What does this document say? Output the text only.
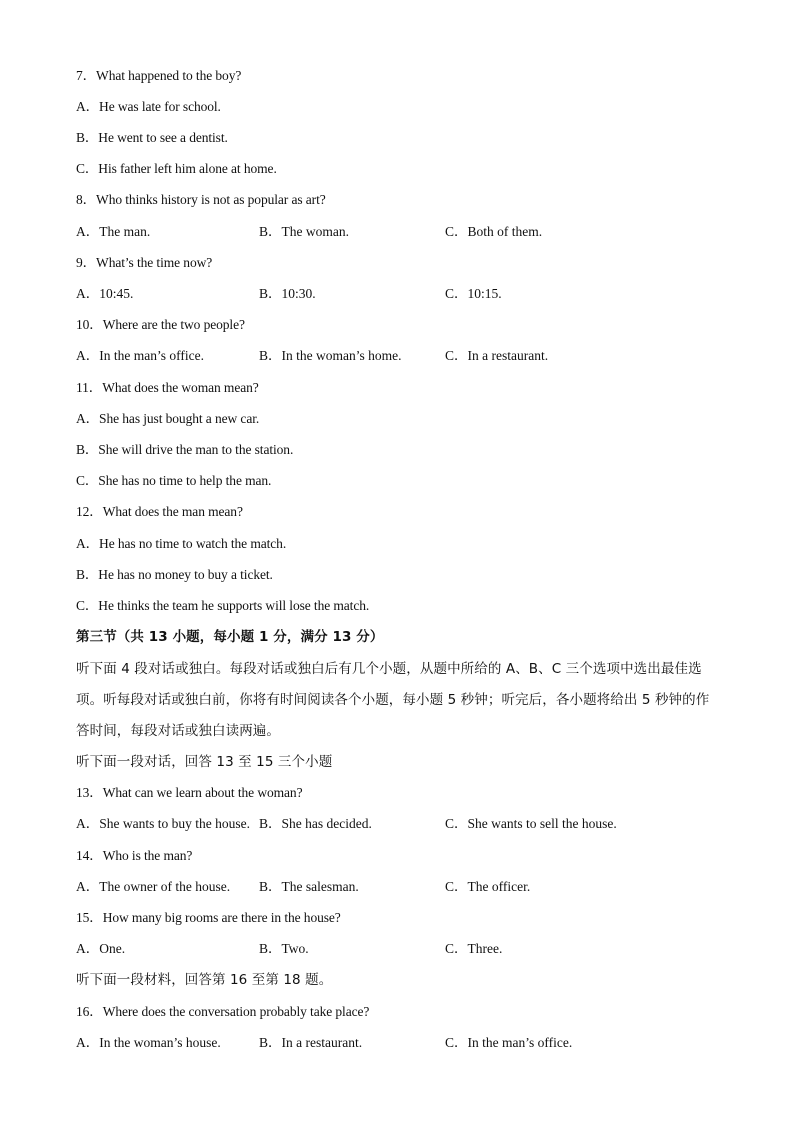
7．What happened to the boy?
A．He was late for school.
B．He went to see a dentist.
C．His father left him alone at home.
8．Who thinks history is not as popular as art?
A．The man.	B．The woman.	C．Both of them.
9．What’s the time now?
A．10:45.	B．10:30.	C．10:15.
10．Where are the two people?
A．In the man’s office.	B．In the woman’s home.	C．In a restaurant.
11．What does the woman mean?
A．She has just bought a new car.
B．She will drive the man to the station.
C．She has no time to help the man.
12．What does the man mean?
A．He has no time to watch the match.
B．He has no money to buy a ticket.
C．He thinks the team he supports will lose the match.
第三节（共 13 小题，每小题 1 分，满分 13 分）
听下面 4 段对话或独白。每段对话或独白后有几个小题，从题中所给的 A、B、C 三个选项中选出最佳选
项。听每段对话或独白前，你将有时间阅读各个小题，每小题 5 秒钟；听完后，各小题将给出 5 秒钟的作
答时间，每段对话或独白读两遍。
听下面一段对话，回答 13 至 15 三个小题
13．What can we learn about the woman?
A．She wants to buy the house. B．She has decided.	C．She wants to sell the house.
14．Who is the man?
A．The owner of the house. B．The salesman.	C．The officer.
15．How many big rooms are there in the house?
A．One.	B．Two.	C．Three.
听下面一段材料，回答第 16 至第 18 题。
16．Where does the conversation probably take place?
A．In the woman’s house.	B．In a restaurant.	C．In the man’s office.
